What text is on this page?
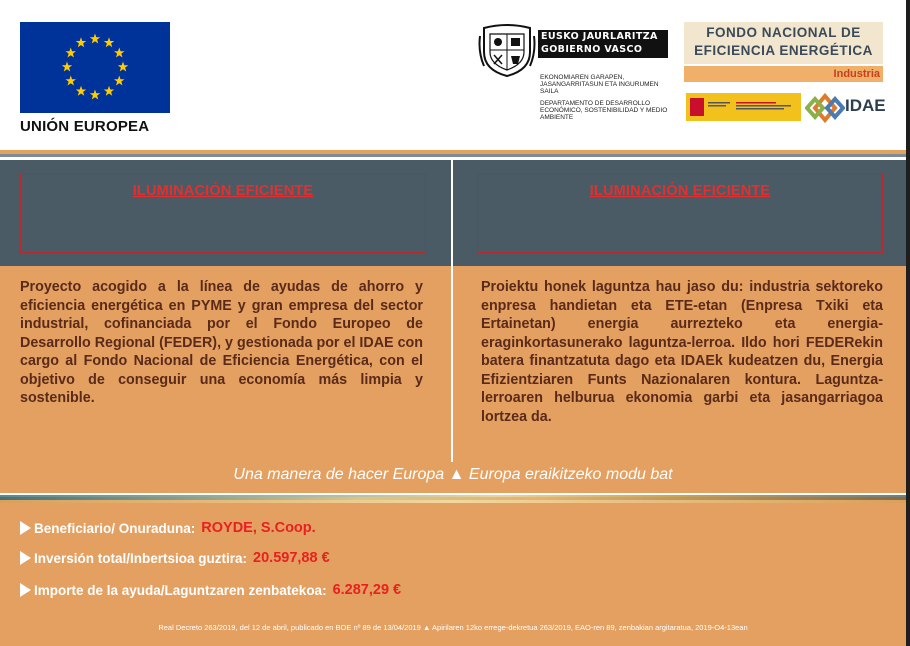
UNIÓN EUROPEA
EUSKO JAURLARITZA
GOBIERNO VASCO
EKONOMIAREN GARAPEN, JASANGARRITASUN ETA INGURUMEN SAILA
DEPARTAMENTO DE DESARROLLO ECONÓMICO, SOSTENIBILIDAD Y MEDIO AMBIENTE
FONDO NACIONAL DE
EFICIENCIA ENERGÉTICA
Industria
IDAE
ILUMINACIÓN EFICIENTE	ILUMINACIÓN EFICIENTE
Proyecto acogido a la línea de ayudas de ahorro y eficiencia energética en PYME y gran empresa del sector industrial, cofinanciada por el Fondo Europeo de Desarrollo Regional (FEDER), y gestionada por el IDAE con cargo al Fondo Nacional de Eficiencia Energética, con el objetivo de conseguir una economía más limpia y sostenible.
Proiektu honek laguntza hau jaso du: industria sektoreko enpresa handietan eta ETE-etan (Enpresa Txiki eta Ertainetan) energia aurrezteko eta energia-eraginkortasunerako laguntza-lerroa. Ildo hori FEDERekin batera finantzatuta dago eta IDAEk kudeatzen du, Energia Efizientziaren Funts Nazionalaren kontura. Laguntza-lerroaren helburua ekonomia garbi eta jasangarriagoa lortzea da.
Una manera de hacer Europa ▲ Europa eraikitzeko modu bat
Beneficiario/ Onuraduna: ROYDE, S.Coop.
Inversión total/Inbertsioa guztira: 20.597,88 €
Importe de la ayuda/Laguntzaren zenbatekoa: 6.287,29 €
Real Decreto 263/2019, del 12 de abril, publicado en BOE nº 89 de 13/04/2019 ▲ Apirilaren 12ko errege-dekretua 263/2019, EAO-ren 89, zenbakian argitaratua, 2019-O4-13ean
